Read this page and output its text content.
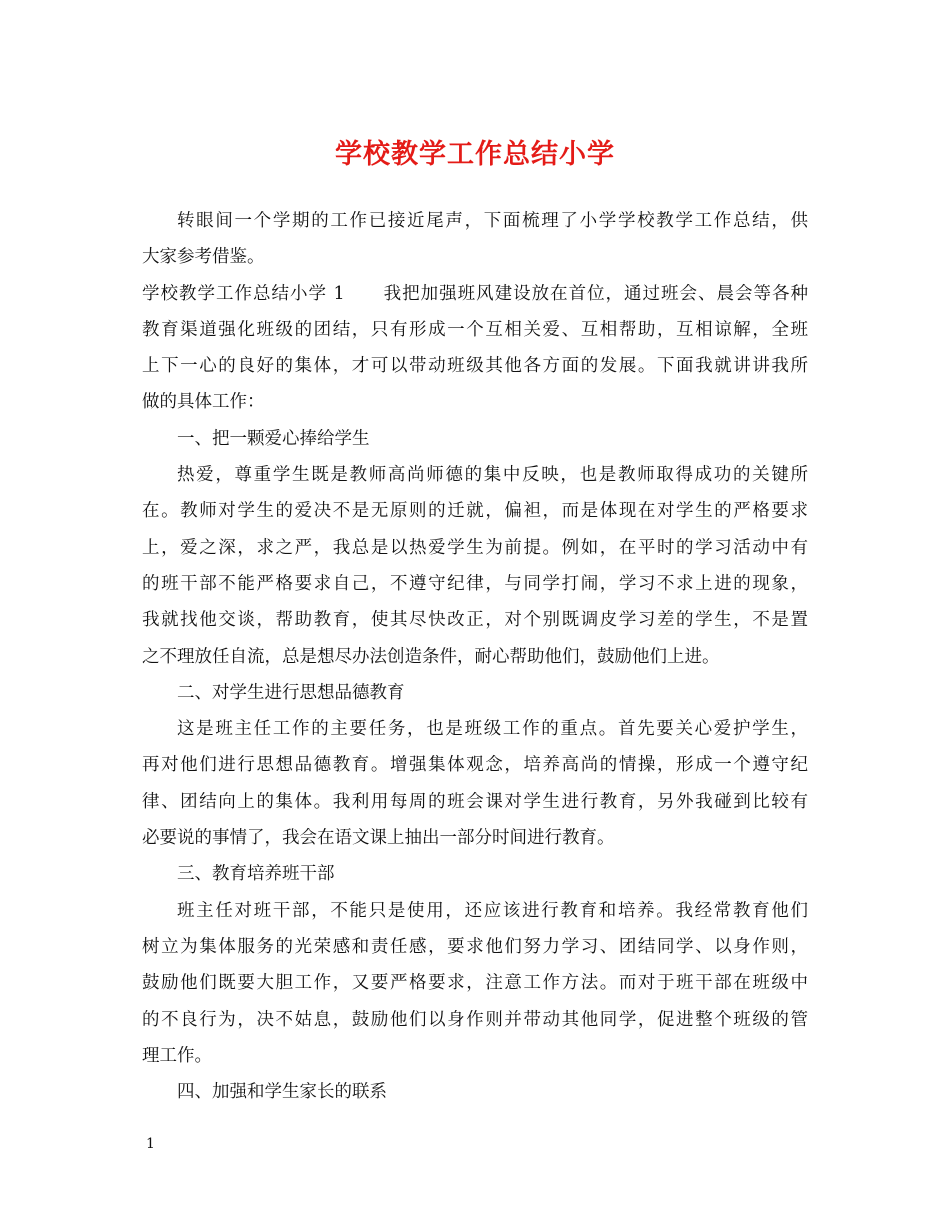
学校教学工作总结小学
转眼间一个学期的工作已接近尾声，下面梳理了小学学校教学工作总结，供
大家参考借鉴。
学校教学工作总结小学 1 我把加强班风建设放在首位，通过班会、晨会等各种
教育渠道强化班级的团结，只有形成一个互相关爱、互相帮助，互相谅解，全班
上下一心的良好的集体，才可以带动班级其他各方面的发展。下面我就讲讲我所
做的具体工作：
一、把一颗爱心捧给学生
热爱，尊重学生既是教师高尚师德的集中反映，也是教师取得成功的关键所
在。教师对学生的爱决不是无原则的迁就，偏袒，而是体现在对学生的严格要求
上，爱之深，求之严，我总是以热爱学生为前提。例如，在平时的学习活动中有
的班干部不能严格要求自己，不遵守纪律，与同学打闹，学习不求上进的现象，
我就找他交谈，帮助教育，使其尽快改正，对个别既调皮学习差的学生，不是置
之不理放任自流，总是想尽办法创造条件，耐心帮助他们，鼓励他们上进。
二、对学生进行思想品德教育
这是班主任工作的主要任务，也是班级工作的重点。首先要关心爱护学生，
再对他们进行思想品德教育。增强集体观念，培养高尚的情操，形成一个遵守纪
律、团结向上的集体。我利用每周的班会课对学生进行教育，另外我碰到比较有
必要说的事情了，我会在语文课上抽出一部分时间进行教育。
三、教育培养班干部
班主任对班干部，不能只是使用，还应该进行教育和培养。我经常教育他们
树立为集体服务的光荣感和责任感，要求他们努力学习、团结同学、以身作则，
鼓励他们既要大胆工作，又要严格要求，注意工作方法。而对于班干部在班级中
的不良行为，决不姑息，鼓励他们以身作则并带动其他同学，促进整个班级的管
理工作。
四、加强和学生家长的联系
1
